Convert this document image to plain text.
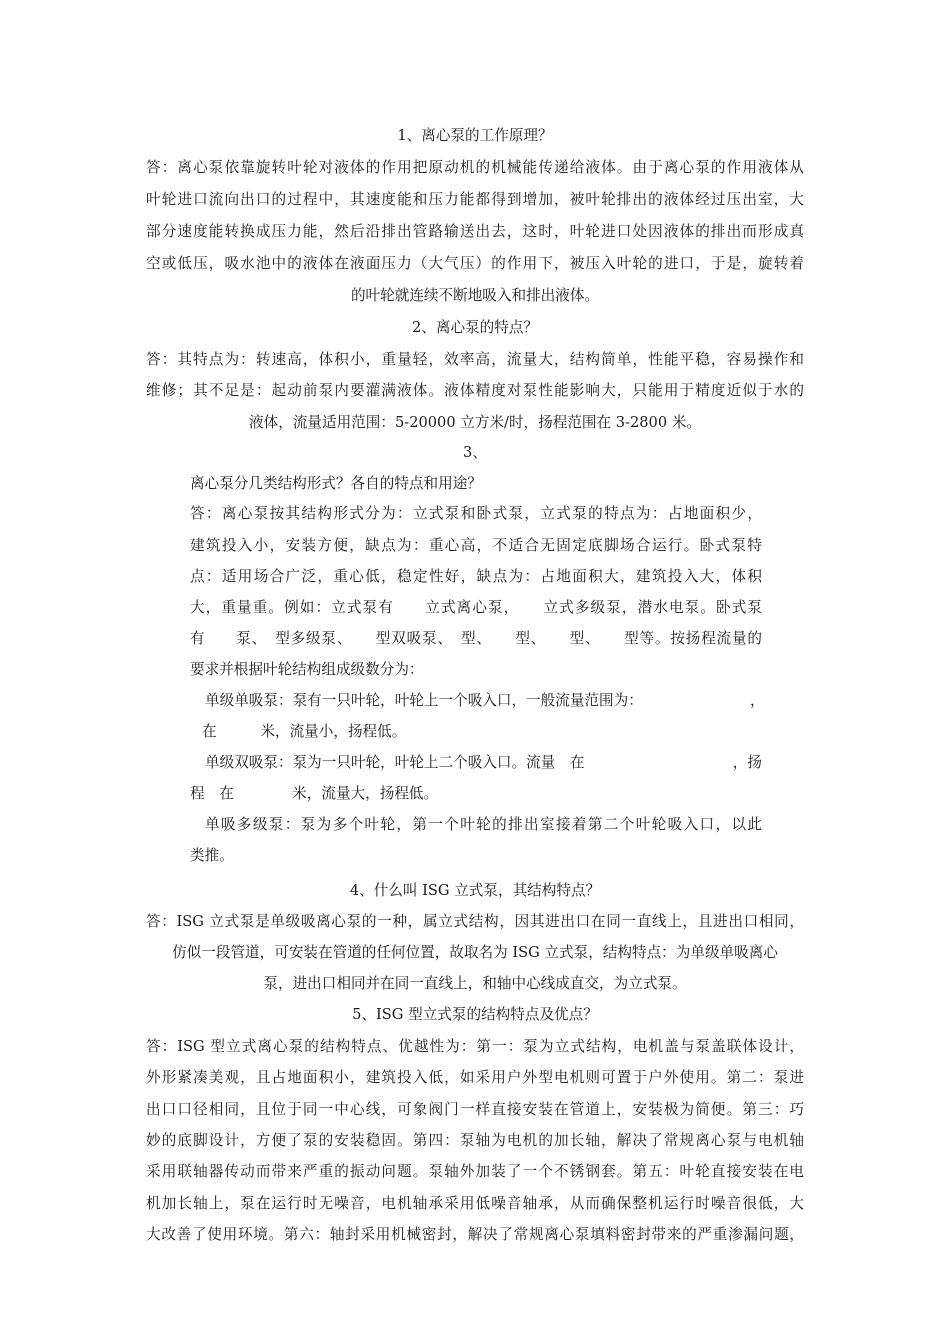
1、离心泵的工作原理？
答：离心泵依靠旋转叶轮对液体的作用把原动机的机械能传递给液体。由于离心泵的作用液体从
叶轮进口流向出口的过程中，其速度能和压力能都得到增加，被叶轮排出的液体经过压出室，大
部分速度能转换成压力能，然后沿排出管路输送出去，这时，叶轮进口处因液体的排出而形成真
空或低压，吸水池中的液体在液面压力（大气压）的作用下，被压入叶轮的进口，于是，旋转着
的叶轮就连续不断地吸入和排出液体。
2、离心泵的特点？
答：其特点为：转速高，体积小，重量轻，效率高，流量大，结构简单，性能平稳，容易操作和
维修；其不足是：起动前泵内要灌满液体。液体精度对泵性能影响大，只能用于精度近似于水的
液体，流量适用范围：5-20000 立方米/时，扬程范围在 3-2800 米。
3、
离心泵分几类结构形式？各自的特点和用途？
答：离心泵按其结构形式分为：立式泵和卧式泵，立式泵的特点为：占地面积少，
建筑投入小，安装方便，缺点为：重心高，不适合无固定底脚场合运行。卧式泵特
点：适用场合广泛，重心低，稳定性好，缺点为：占地面积大，建筑投入大，体积
大，重量重。例如：立式泵有　　立式离心泵，　　立式多级泵，潜水电泵。卧式泵
有　　泵、　型多级泵、　　型双吸泵、　型、　　型、　　型、　　型等。按扬程流量的
要求并根据叶轮结构组成级数分为：
单级单吸泵：泵有一只叶轮，叶轮上一个吸入口，一般流量范围为：	，
在　　　米，流量小，扬程低。
单级双吸泵：泵为一只叶轮，叶轮上二个吸入口。流量　在	，扬
程　在　　　　米，流量大，扬程低。
单吸多级泵：泵为多个叶轮，第一个叶轮的排出室接着第二个叶轮吸入口，以此
类推。
4、什么叫 ISG 立式泵，其结构特点？
答：ISG 立式泵是单级吸离心泵的一种，属立式结构，因其进出口在同一直线上，且进出口相同，
仿似一段管道，可安装在管道的任何位置，故取名为 ISG 立式泵，结构特点：为单级单吸离心
泵，进出口相同并在同一直线上，和轴中心线成直交，为立式泵。
5、ISG 型立式泵的结构特点及优点？
答：ISG 型立式离心泵的结构特点、优越性为：第一：泵为立式结构，电机盖与泵盖联体设计，
外形紧凑美观，且占地面积小，建筑投入低，如采用户外型电机则可置于户外使用。第二：泵进
出口口径相同，且位于同一中心线，可象阀门一样直接安装在管道上，安装极为简便。第三：巧
妙的底脚设计，方便了泵的安装稳固。第四：泵轴为电机的加长轴，解决了常规离心泵与电机轴
采用联轴器传动而带来严重的振动问题。泵轴外加装了一个不锈钢套。第五：叶轮直接安装在电
机加长轴上，泵在运行时无噪音，电机轴承采用低噪音轴承，从而确保整机运行时噪音很低，大
大改善了使用环境。第六：轴封采用机械密封，解决了常规离心泵填料密封带来的严重渗漏问题，
